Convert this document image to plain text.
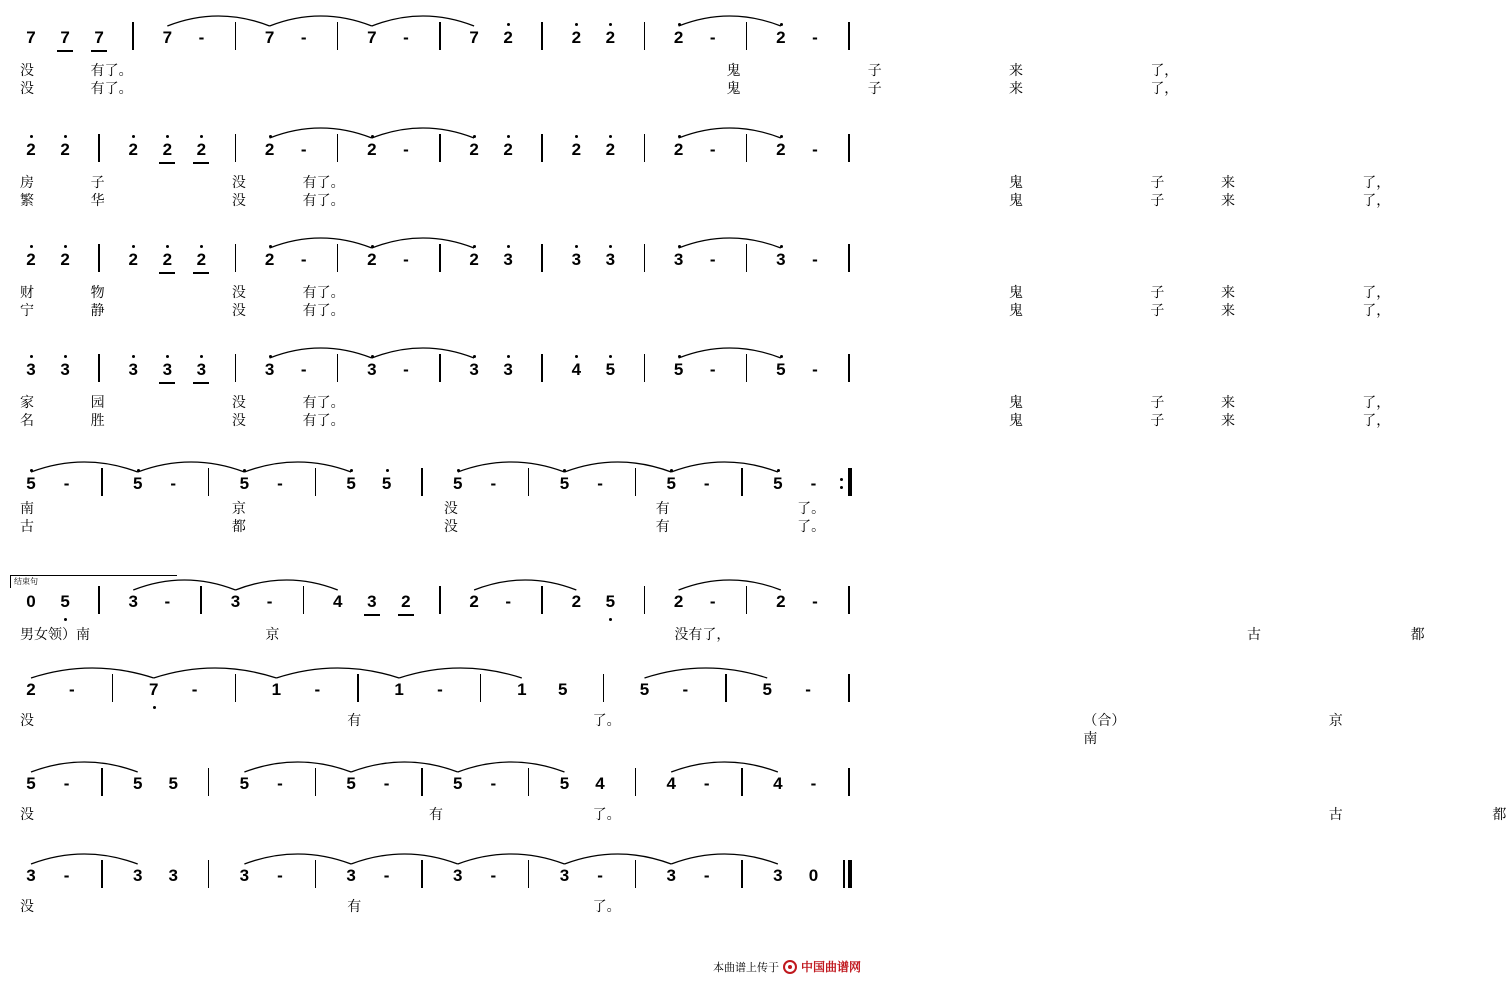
7 7 7	7	-	7	-	7	-	7 2	2 2	2	-	2	-
没	有了。	鬼	子	来	了，
没	有了。	鬼	子	来	了，
2 2	2 2 2	2	-	2	-	2 2	2 2	2	-	2	-
房	子	没	有了。	鬼	子	来	了，
繁	华	没	有了。	鬼	子	来	了，
2 2	2 2 2	2	-	2	-	2 3	3 3	3	-	3	-
财	物	没	有了。	鬼	子	来	了，
宁	静	没	有了。	鬼	子	来	了，
3 3	3 3 3	3	-	3	-	3 3	4 5	5	-	5	-
家	园	没	有了。	鬼	子	来	了，
名	胜	没	有了。	鬼	子	来	了，
5	-	5	-	5	-	5 5	5	-	5	-	5	-	5	-
南	京	没	有	了。
古	都	没	有	了。
0 5	3	-	3	-	4 3 2	2	-	2 5	2	-	2	-
男女领）南	京	没有了，	古	都
2	-	7	-	1	-	1	-	1 5	5	-	5	-
没	有	了。	（合）南
京
5	-	5 5	5	-	5	-	5	-	5 4	4	-	4	-
没	有	了。	古	都
3	-	3 3	3	-	3	-	3	-	3	-	3	-	3 0
没	有	了。
结束句
本曲谱上传于 中国曲谱网
